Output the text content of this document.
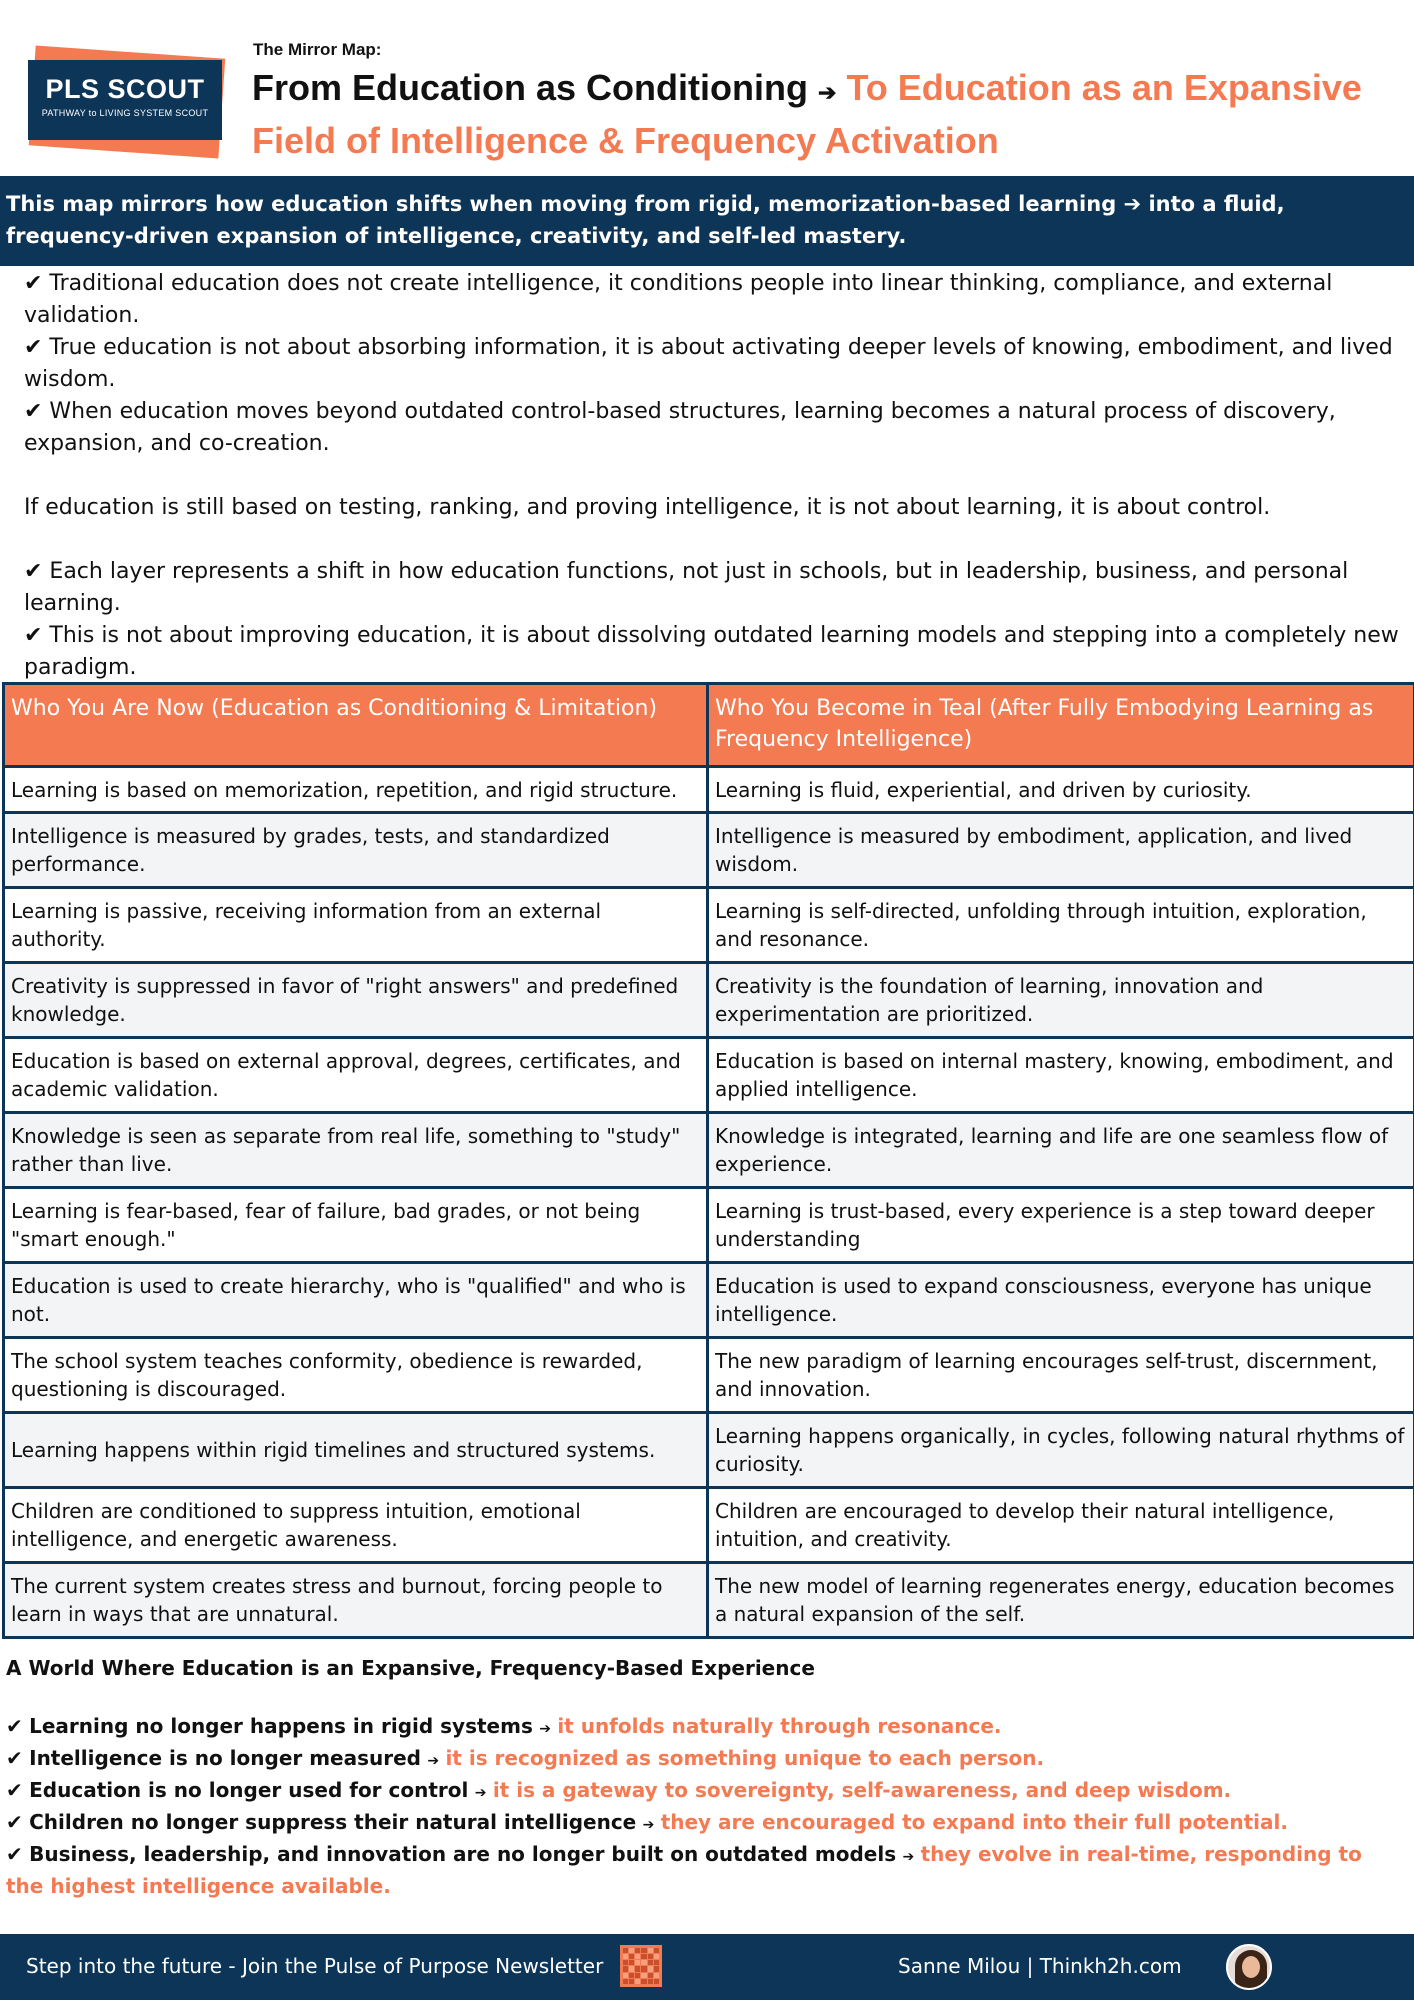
PLS SCOUT
PATHWAY to LIVING SYSTEM SCOUT
The Mirror Map:
From Education as Conditioning ➔ To Education as an Expansive Field of Intelligence & Frequency Activation
This map mirrors how education shifts when moving from rigid, memorization-based learning ➔ into a fluid, frequency-driven expansion of intelligence, creativity, and self-led mastery.

✔ Traditional education does not create intelligence, it conditions people into linear thinking, compliance, and external validation.

✔ True education is not about absorbing information, it is about activating deeper levels of knowing, embodiment, and lived wisdom.

✔ When education moves beyond outdated control-based structures, learning becomes a natural process of discovery, expansion, and co-creation.

If education is still based on testing, ranking, and proving intelligence, it is not about learning, it is about control.

✔ Each layer represents a shift in how education functions, not just in schools, but in leadership, business, and personal learning.

✔ This is not about improving education, it is about dissolving outdated learning models and stepping into a completely new paradigm.

Who You Are Now (Education as Conditioning & Limitation)	Who You Become in Teal (After Fully Embodying Learning as Frequency Intelligence)
Learning is based on memorization, repetition, and rigid structure.	Learning is fluid, experiential, and driven by curiosity.
Intelligence is measured by grades, tests, and standardized performance.	Intelligence is measured by embodiment, application, and lived wisdom.
Learning is passive, receiving information from an external authority.	Learning is self-directed, unfolding through intuition, exploration, and resonance.
Creativity is suppressed in favor of "right answers" and predefined knowledge.	Creativity is the foundation of learning, innovation and experimentation are prioritized.
Education is based on external approval, degrees, certificates, and academic validation.	Education is based on internal mastery, knowing, embodiment, and applied intelligence.
Knowledge is seen as separate from real life, something to "study" rather than live.	Knowledge is integrated, learning and life are one seamless flow of experience.
Learning is fear-based, fear of failure, bad grades, or not being "smart enough."	Learning is trust-based, every experience is a step toward deeper understanding
Education is used to create hierarchy, who is "qualified" and who is not.	Education is used to expand consciousness, everyone has unique intelligence.
The school system teaches conformity, obedience is rewarded, questioning is discouraged.	The new paradigm of learning encourages self-trust, discernment, and innovation.
Learning happens within rigid timelines and structured systems.	Learning happens organically, in cycles, following natural rhythms of curiosity.
Children are conditioned to suppress intuition, emotional intelligence, and energetic awareness.	Children are encouraged to develop their natural intelligence, intuition, and creativity.
The current system creates stress and burnout, forcing people to learn in ways that are unnatural.	The new model of learning regenerates energy, education becomes a natural expansion of the self.
A World Where Education is an Expansive, Frequency-Based Experience

✔ Learning no longer happens in rigid systems ➔ it unfolds naturally through resonance.

✔ Intelligence is no longer measured ➔ it is recognized as something unique to each person.

✔ Education is no longer used for control ➔ it is a gateway to sovereignty, self-awareness, and deep wisdom.

✔ Children no longer suppress their natural intelligence ➔ they are encouraged to expand into their full potential.

✔ Business, leadership, and innovation are no longer built on outdated models ➔ they evolve in real-time, responding to the highest intelligence available.

Step into the future - Join the Pulse of Purpose Newsletter	Sanne Milou | Thinkh2h.com
